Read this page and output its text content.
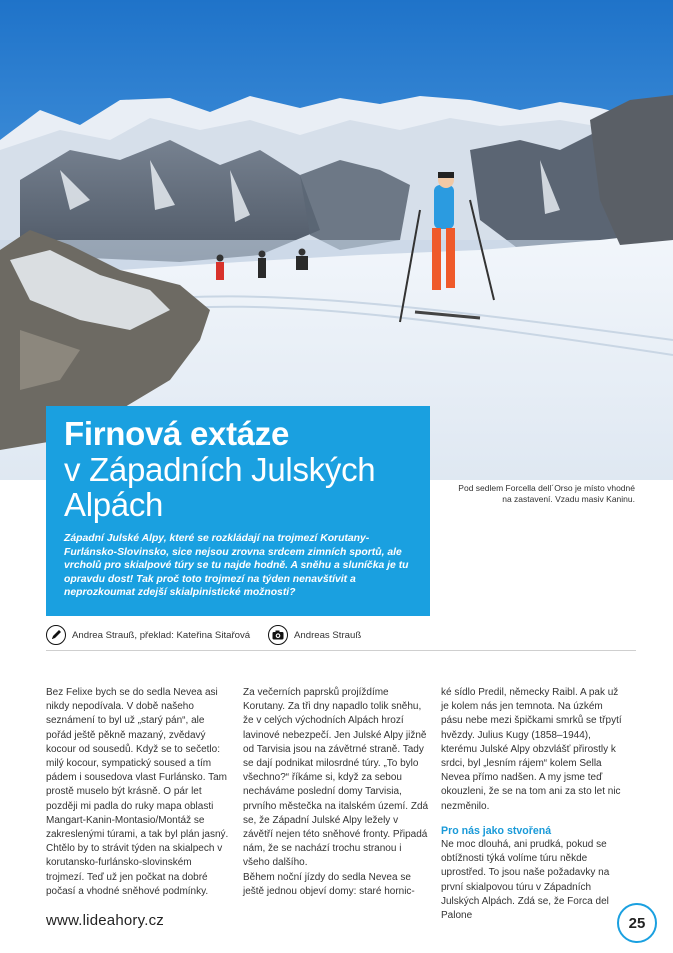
Pod sedlem Forcella dell´Orso je místo vhodné na zastavení. Vzadu masiv Kaninu.

Firnová extáze
v Západních Julských Alpách

Západní Julské Alpy, které se rozkládají na trojmezí Korutany-Furlánsko-Slovinsko, sice nejsou zrovna srdcem zimních sportů, ale vrcholů pro skialpové túry se tu najde hodně. A sněhu a sluníčka je tu opravdu dost! Tak proč toto trojmezí na týden nenavštívit a neprozkoumat zdejší skialpinistické možnosti?

Andrea Strauß, překlad: Kateřina Sitařová	Andreas Strauß

Bez Felixe bych se do sedla Nevea asi nikdy nepodívala. V době našeho seznámení to byl už „starý pán“, ale pořád ještě pěkně mazaný, zvědavý kocour od sousedů. Když se to sečetlo: milý kocour, sympatický soused a tím pádem i sousedova vlast Furlánsko. Tam prostě muselo být krásně. O pár let později mi padla do ruky mapa oblasti Mangart-Kanin-Montasio/Montáž se zakreslenými túrami, a tak byl plán jasný. Chtělo by to strávit týden na skialpech v korutansko-furlánsko-slovinském trojmezí. Teď už jen počkat na dobré počasí a vhodné sněhové podmínky.

Za večerních paprsků projíždíme Korutany. Za tři dny napadlo tolik sněhu, že v celých východních Alpách hrozí lavinové nebezpečí. Jen Julské Alpy jižně od Tarvisia jsou na závětrné straně. Tady se dají podnikat milosrdné túry. „To bylo všechno?“ říkáme si, když za sebou necháváme poslední domy Tarvisia, prvního městečka na italském území. Zdá se, že Západní Julské Alpy ležely v závětří nejen této sněhové fronty. Připadá nám, že se nachází trochu stranou i všeho dalšího.

Během noční jízdy do sedla Nevea se ještě jednou objeví domy: staré hornic-

ké sídlo Predil, německy Raibl. A pak už je kolem nás jen temnota. Na úzkém pásu nebe mezi špičkami smrků se třpytí hvězdy. Julius Kugy (1858–1944), kterému Julské Alpy obzvlášť přirostly k srdci, byl „lesním rájem“ kolem Sella Nevea přímo nadšen. A my jsme teď okouzleni, že se na tom ani za sto let nic nezměnilo.

Pro nás jako stvořená

Ne moc dlouhá, ani prudká, pokud se obtížnosti týká volíme túru někde uprostřed. To jsou naše požadavky na první skialpovou túru v Západních Julských Alpách. Zdá se, že Forca del Palone

www.lideahory.cz	25
